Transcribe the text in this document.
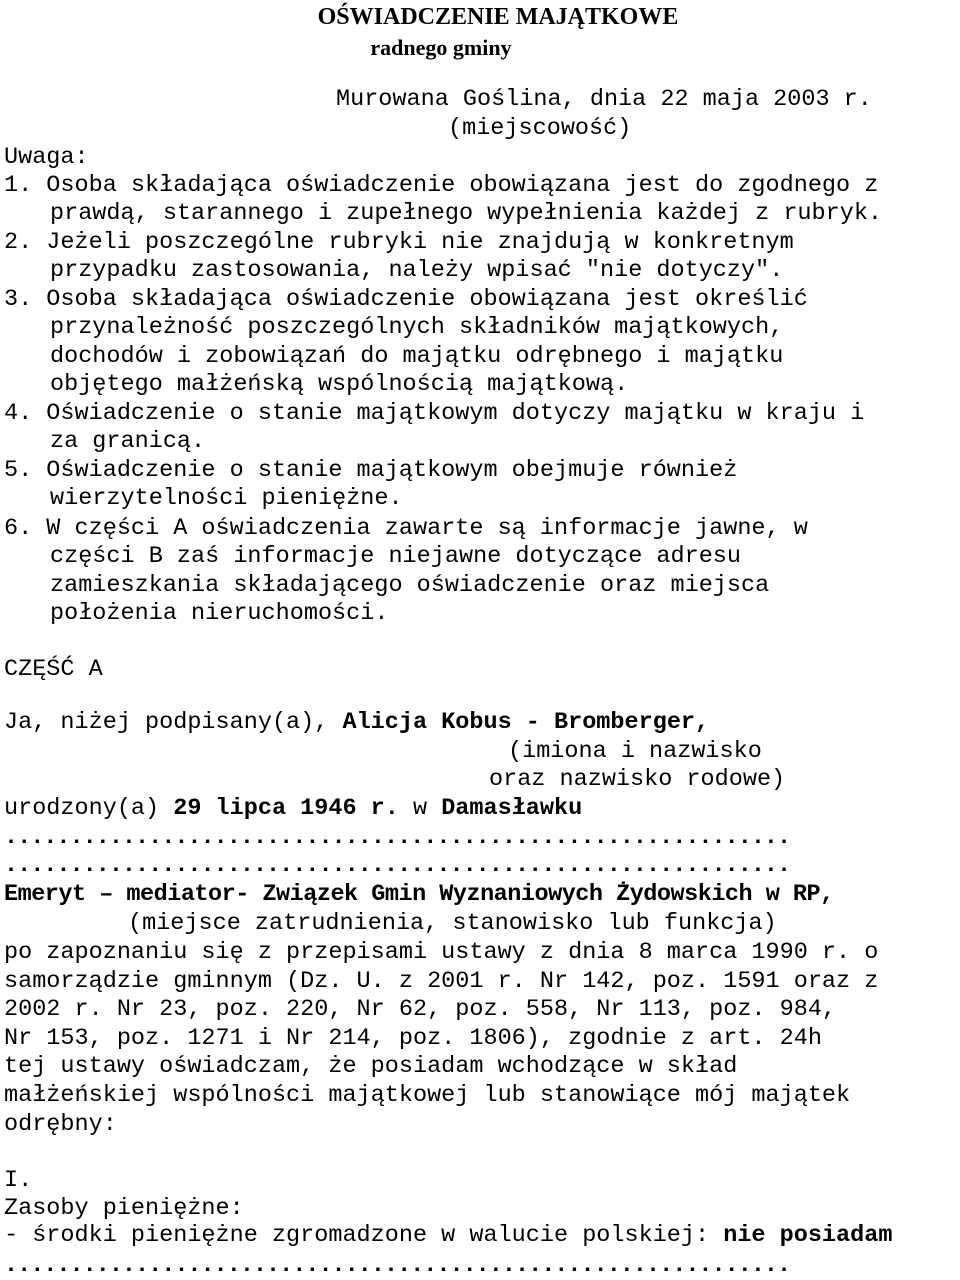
OŚWIADCZENIE MAJĄTKOWE
radnego gminy
Murowana Goślina, dnia 22 maja 2003 r.
(miejscowość)
Uwaga:
1. Osoba składająca oświadczenie obowiązana jest do zgodnego z
prawdą, starannego i zupełnego wypełnienia każdej z rubryk.
2. Jeżeli poszczególne rubryki nie znajdują w konkretnym
przypadku zastosowania, należy wpisać "nie dotyczy".
3. Osoba składająca oświadczenie obowiązana jest określić
przynależność poszczególnych składników majątkowych,
dochodów i zobowiązań do majątku odrębnego i majątku
objętego małżeńską wspólnością majątkową.
4. Oświadczenie o stanie majątkowym dotyczy majątku w kraju i
za granicą.
5. Oświadczenie o stanie majątkowym obejmuje również
wierzytelności pieniężne.
6. W części A oświadczenia zawarte są informacje jawne, w
części B zaś informacje niejawne dotyczące adresu
zamieszkania składającego oświadczenie oraz miejsca
położenia nieruchomości.
CZĘŚĆ A
Ja, niżej podpisany(a), Alicja Kobus - Bromberger,
(imiona i nazwisko
oraz nazwisko rodowe)
urodzony(a) 29 lipca 1946 r. w Damasławku
............................................................
............................................................
Emeryt – mediator- Związek Gmin Wyznaniowych Żydowskich w RP,
(miejsce zatrudnienia, stanowisko lub funkcja)
po zapoznaniu się z przepisami ustawy z dnia 8 marca 1990 r. o
samorządzie gminnym (Dz. U. z 2001 r. Nr 142, poz. 1591 oraz z
2002 r. Nr 23, poz. 220, Nr 62, poz. 558, Nr 113, poz. 984,
Nr 153, poz. 1271 i Nr 214, poz. 1806), zgodnie z art. 24h
tej ustawy oświadczam, że posiadam wchodzące w skład
małżeńskiej wspólności majątkowej lub stanowiące mój majątek
odrębny:
I.
Zasoby pieniężne:
- środki pieniężne zgromadzone w walucie polskiej: nie posiadam
............................................................
